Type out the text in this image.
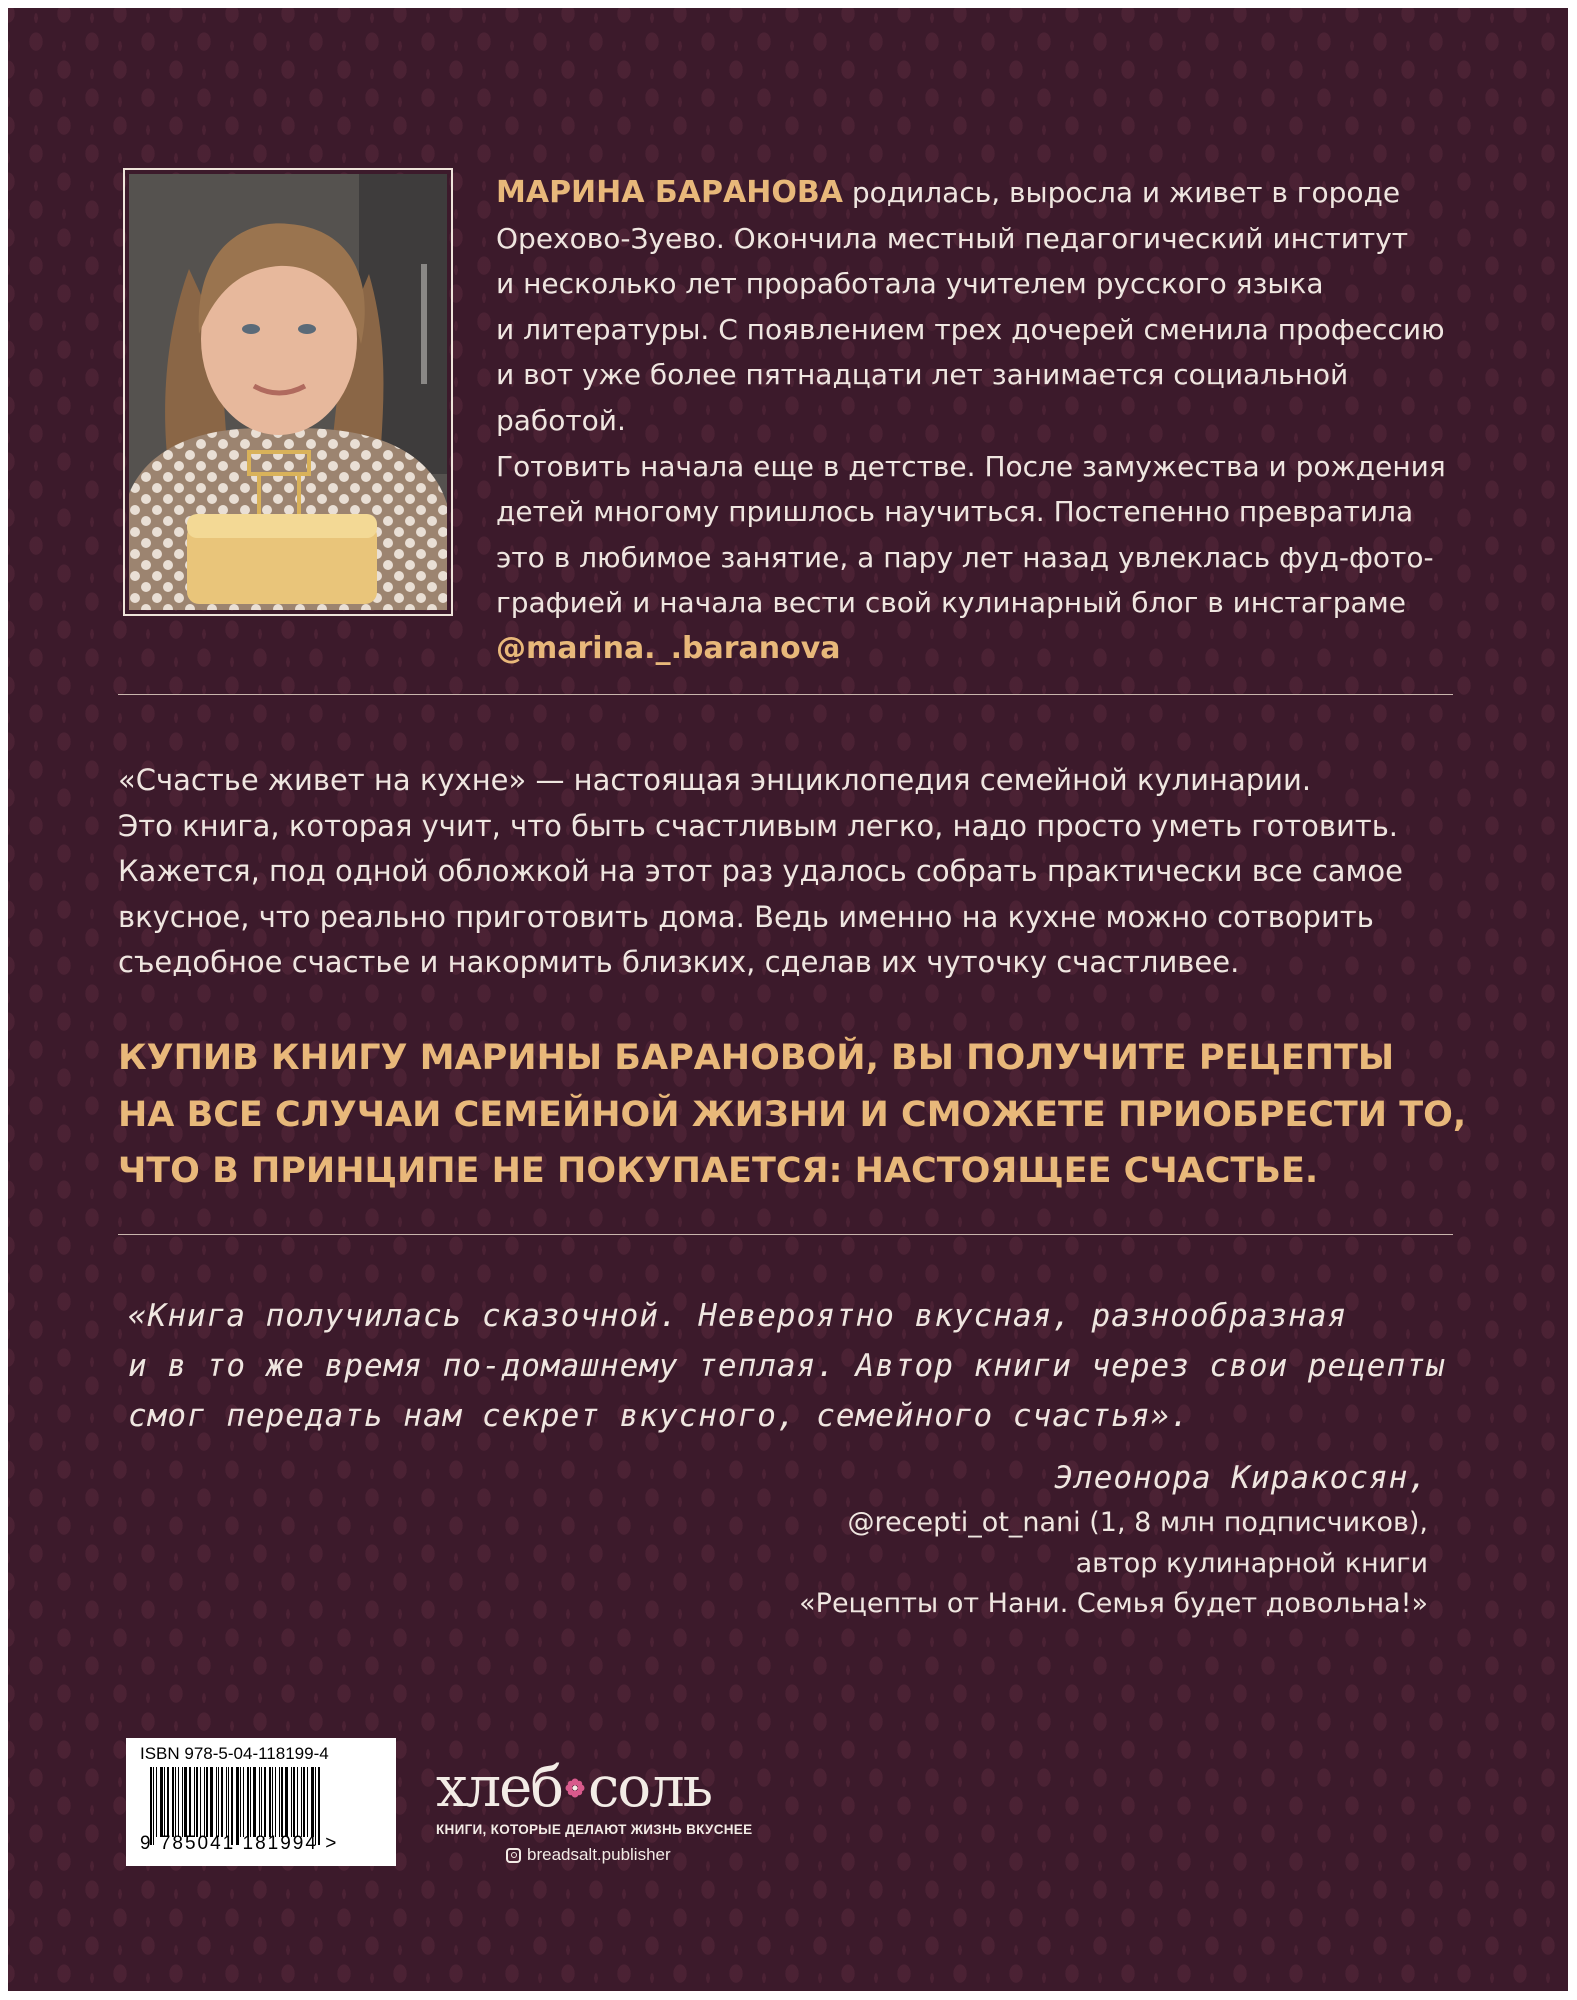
МАРИНА БАРАНОВА родилась, выросла и живет в городе
Орехово-Зуево. Окончила местный педагогический институт
и несколько лет проработала учителем русского языка
и литературы. С появлением трех дочерей сменила профессию
и вот уже более пятнадцати лет занимается социальной работой.
Готовить начала еще в детстве. После замужества и рождения
детей многому пришлось научиться. Постепенно превратила
это в любимое занятие, а пару лет назад увлеклась фуд-фото-
графией и начала вести свой кулинарный блог в инстаграме
@marina._.baranova
«Счастье живет на кухне» — настоящая энциклопедия семейной кулинарии.
Это книга, которая учит, что быть счастливым легко, надо просто уметь готовить.
Кажется, под одной обложкой на этот раз удалось собрать практически все самое
вкусное, что реально приготовить дома. Ведь именно на кухне можно сотворить
съедобное счастье и накормить близких, сделав их чуточку счастливее.
КУПИВ КНИГУ МАРИНЫ БАРАНОВОЙ, ВЫ ПОЛУЧИТЕ РЕЦЕПТЫ
НА ВСЕ СЛУЧАИ СЕМЕЙНОЙ ЖИЗНИ И СМОЖЕТЕ ПРИОБРЕСТИ ТО,
ЧТО В ПРИНЦИПЕ НЕ ПОКУПАЕТСЯ: НАСТОЯЩЕЕ СЧАСТЬЕ.
«Книга получилась сказочной. Невероятно вкусная, разнообразная
и в то же время по-домашнему теплая. Автор книги через свои рецепты
смог передать нам секрет вкусного, семейного счастья».
Элеонора Киракосян,
@recepti_ot_nani (1, 8 млн подписчиков),
автор кулинарной книги
«Рецепты от Нани. Семья будет довольна!»
ISBN 978-5-04-118199-4
9 785041 181994 >
хлеб соль
КНИГИ, КОТОРЫЕ ДЕЛАЮТ ЖИЗНЬ ВКУСНЕЕ
breadsalt.publisher
